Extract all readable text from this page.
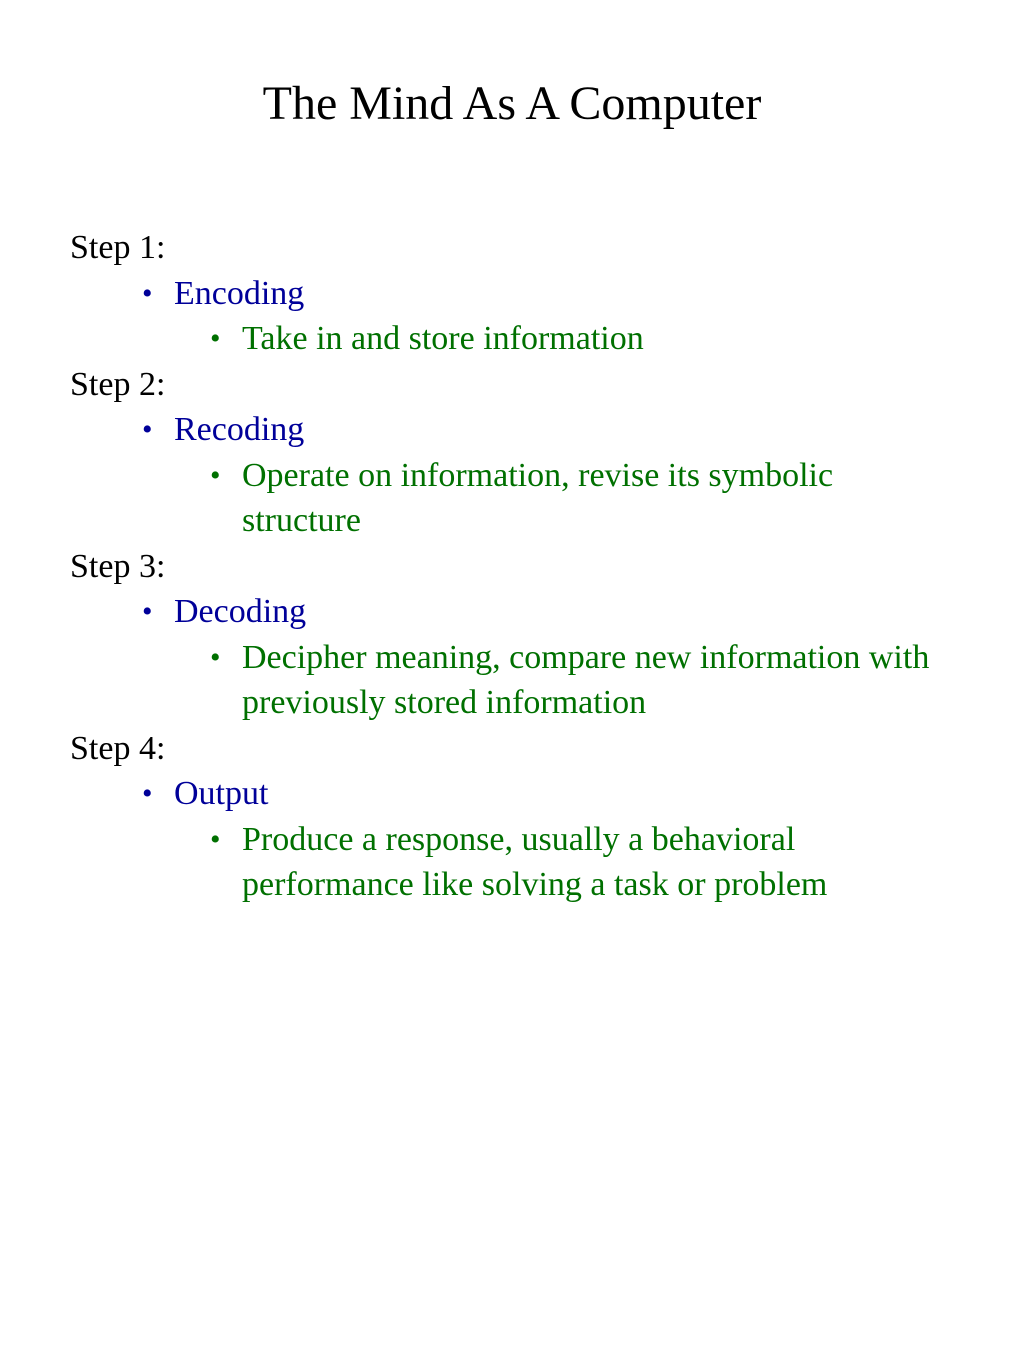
The Mind As A Computer
Step 1:
• Encoding
• Take in and store information
Step 2:
• Recoding
• Operate on information, revise its symbolic structure
Step 3:
• Decoding
• Decipher meaning, compare new information with previously stored information
Step 4:
• Output
• Produce a response, usually a behavioral performance like solving a task or problem
